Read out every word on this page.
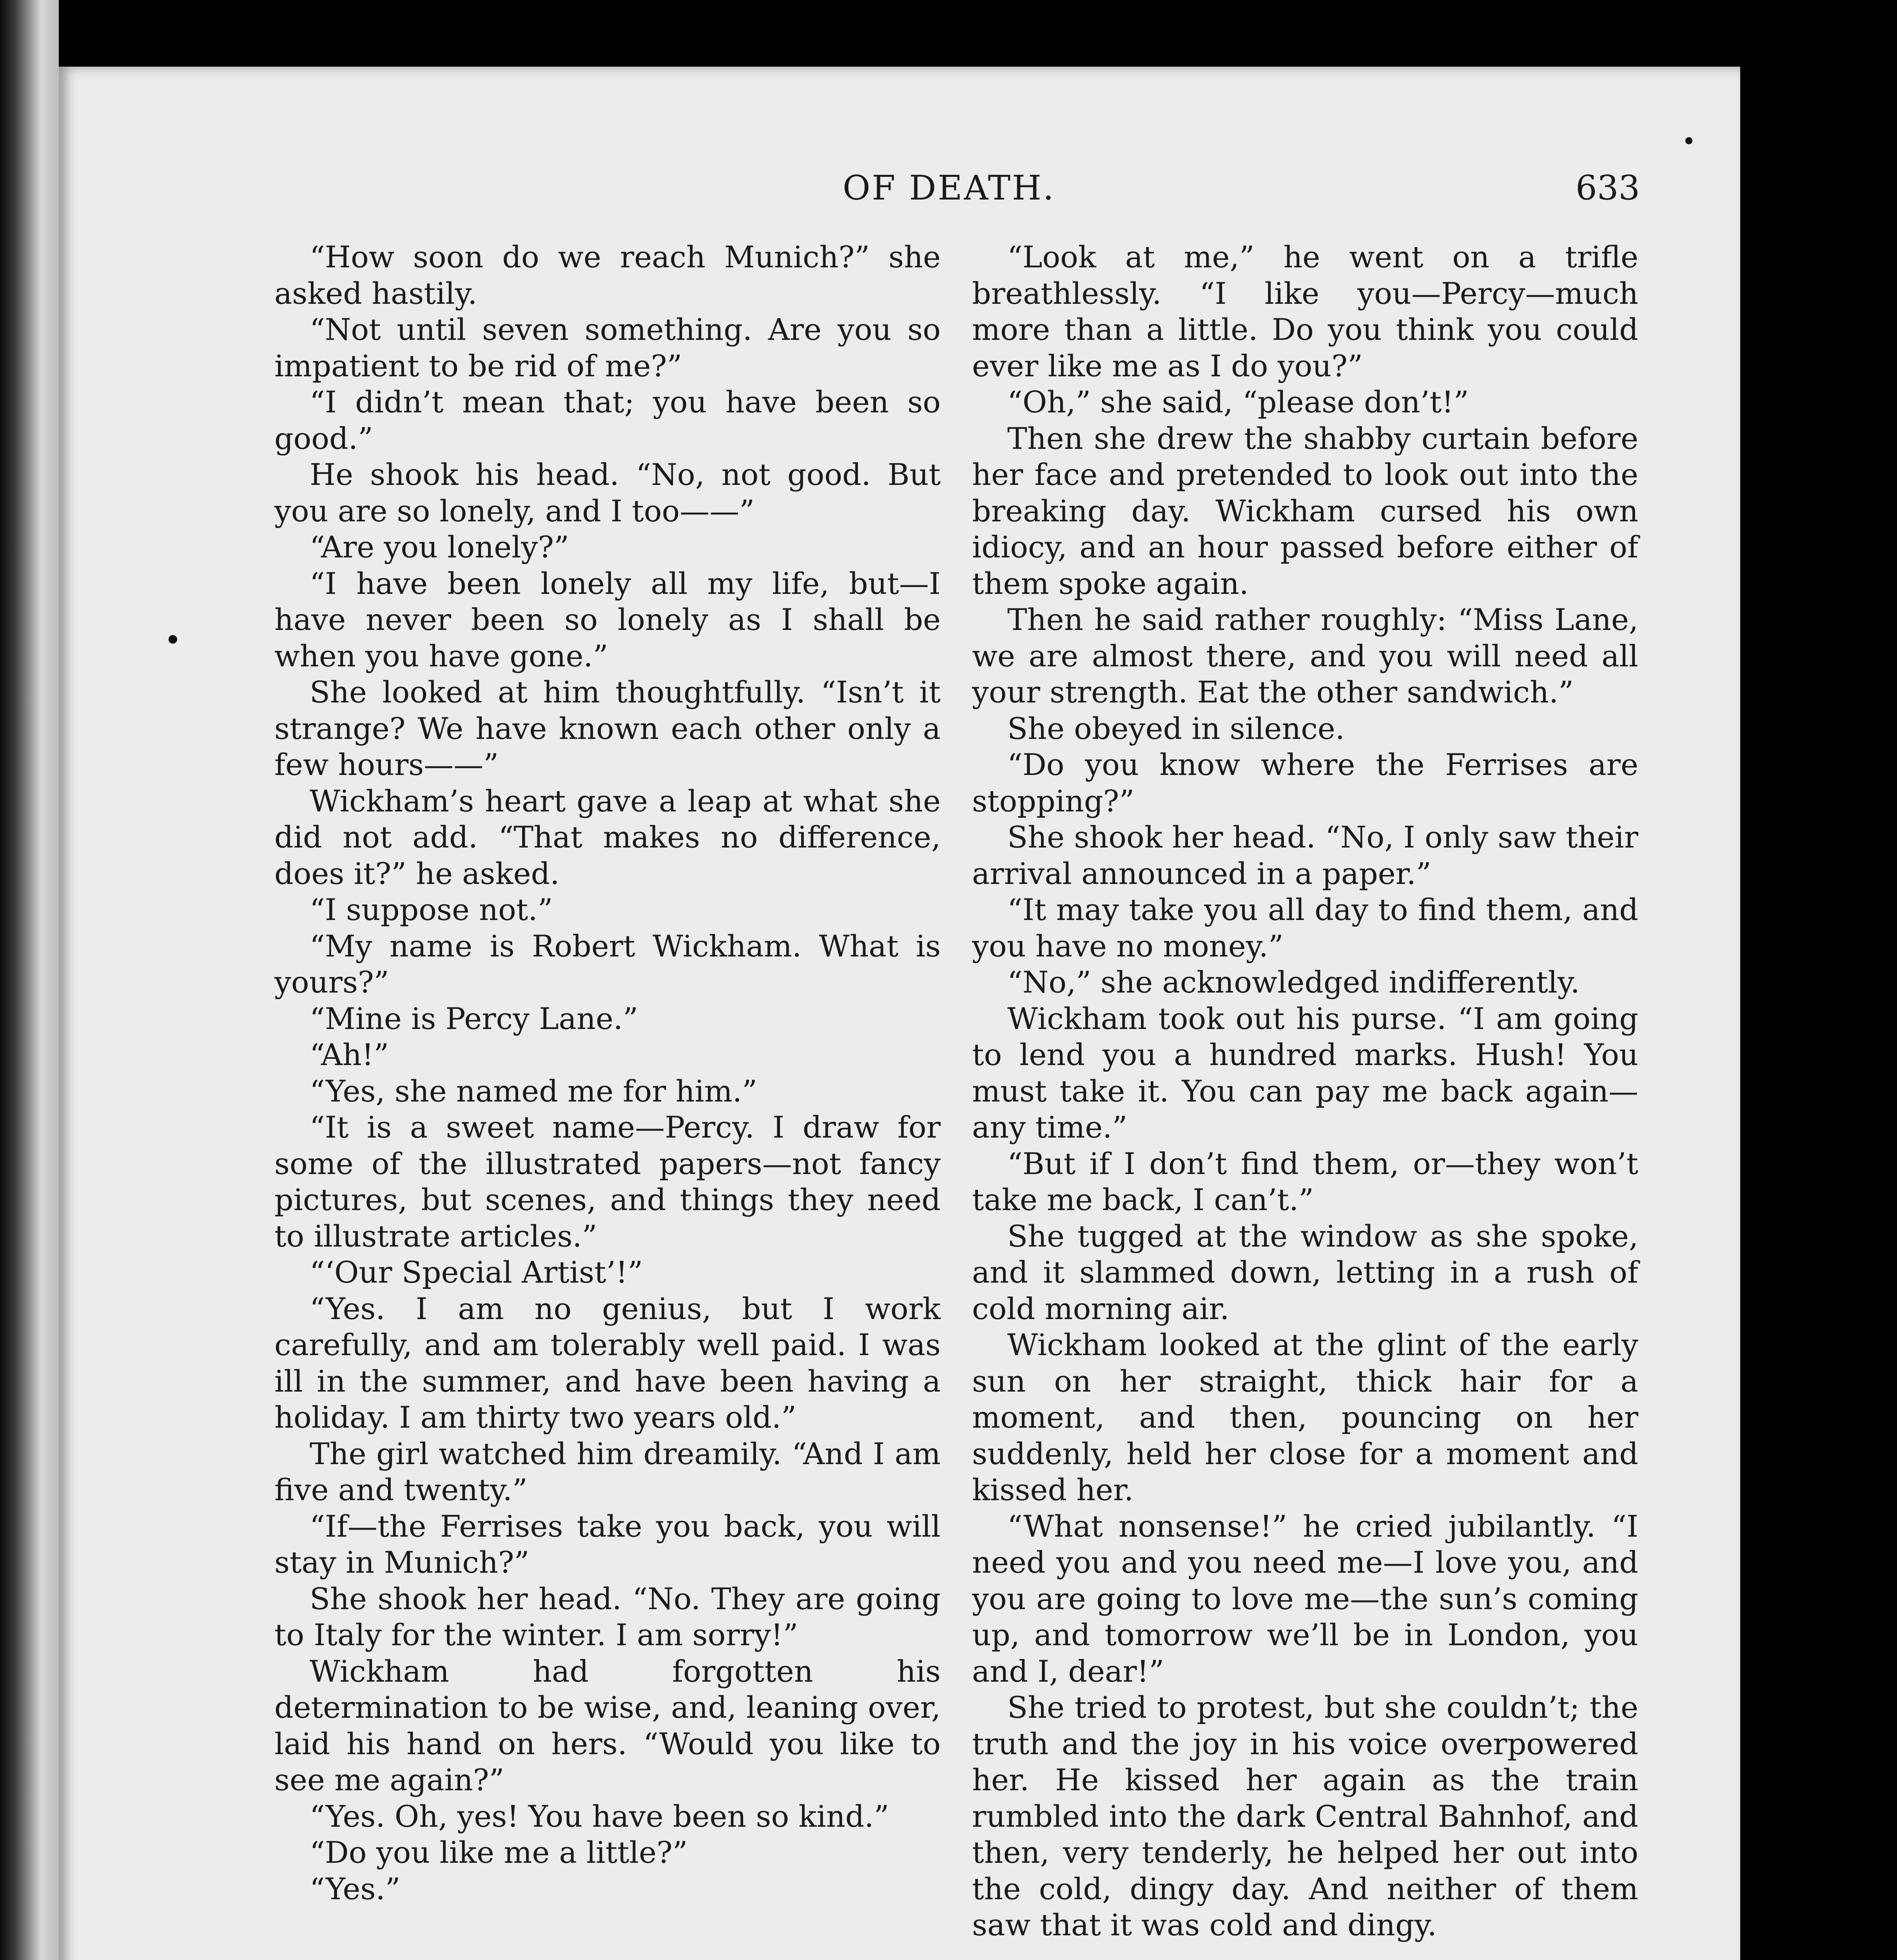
OF DEATH.	633

“How soon do we reach Munich?” she asked hastily.

“Not until seven something. Are you so impatient to be rid of me?”

“I didn’t mean that; you have been so good.”

He shook his head. “No, not good. But you are so lonely, and I too——”

“Are you lonely?”

“I have been lonely all my life, but—I have never been so lonely as I shall be when you have gone.”

She looked at him thoughtfully. “Isn’t it strange? We have known each other only a few hours——”

Wickham’s heart gave a leap at what she did not add. “That makes no difference, does it?” he asked.

“I suppose not.”

“My name is Robert Wickham. What is yours?”

“Mine is Percy Lane.”

“Ah!”

“Yes, she named me for him.”

“It is a sweet name—Percy. I draw for some of the illustrated papers—not fancy pictures, but scenes, and things they need to illustrate articles.”

“‘Our Special Artist’!”

“Yes. I am no genius, but I work carefully, and am tolerably well paid. I was ill in the summer, and have been having a holiday. I am thirty two years old.”

The girl watched him dreamily. “And I am five and twenty.”

“If—the Ferrises take you back, you will stay in Munich?”

She shook her head. “No. They are going to Italy for the winter. I am sorry!”

Wickham had forgotten his determination to be wise, and, leaning over, laid his hand on hers. “Would you like to see me again?”

“Yes. Oh, yes! You have been so kind.”

“Do you like me a little?”

“Yes.”

“Look at me,” he went on a trifle breathlessly. “I like you—Percy—much more than a little. Do you think you could ever like me as I do you?”

“Oh,” she said, “please don’t!”

Then she drew the shabby curtain before her face and pretended to look out into the breaking day. Wickham cursed his own idiocy, and an hour passed before either of them spoke again.

Then he said rather roughly: “Miss Lane, we are almost there, and you will need all your strength. Eat the other sandwich.”

She obeyed in silence.

“Do you know where the Ferrises are stopping?”

She shook her head. “No, I only saw their arrival announced in a paper.”

“It may take you all day to find them, and you have no money.”

“No,” she acknowledged indifferently.

Wickham took out his purse. “I am going to lend you a hundred marks. Hush! You must take it. You can pay me back again—any time.”

“But if I don’t find them, or—they won’t take me back, I can’t.”

She tugged at the window as she spoke, and it slammed down, letting in a rush of cold morning air.

Wickham looked at the glint of the early sun on her straight, thick hair for a moment, and then, pouncing on her suddenly, held her close for a moment and kissed her.

“What nonsense!” he cried jubilantly. “I need you and you need me—I love you, and you are going to love me—the sun’s coming up, and tomorrow we’ll be in London, you and I, dear!”

She tried to protest, but she couldn’t; the truth and the joy in his voice overpowered her. He kissed her again as the train rumbled into the dark Central Bahnhof, and then, very tenderly, he helped her out into the cold, dingy day. And neither of them saw that it was cold and dingy.
